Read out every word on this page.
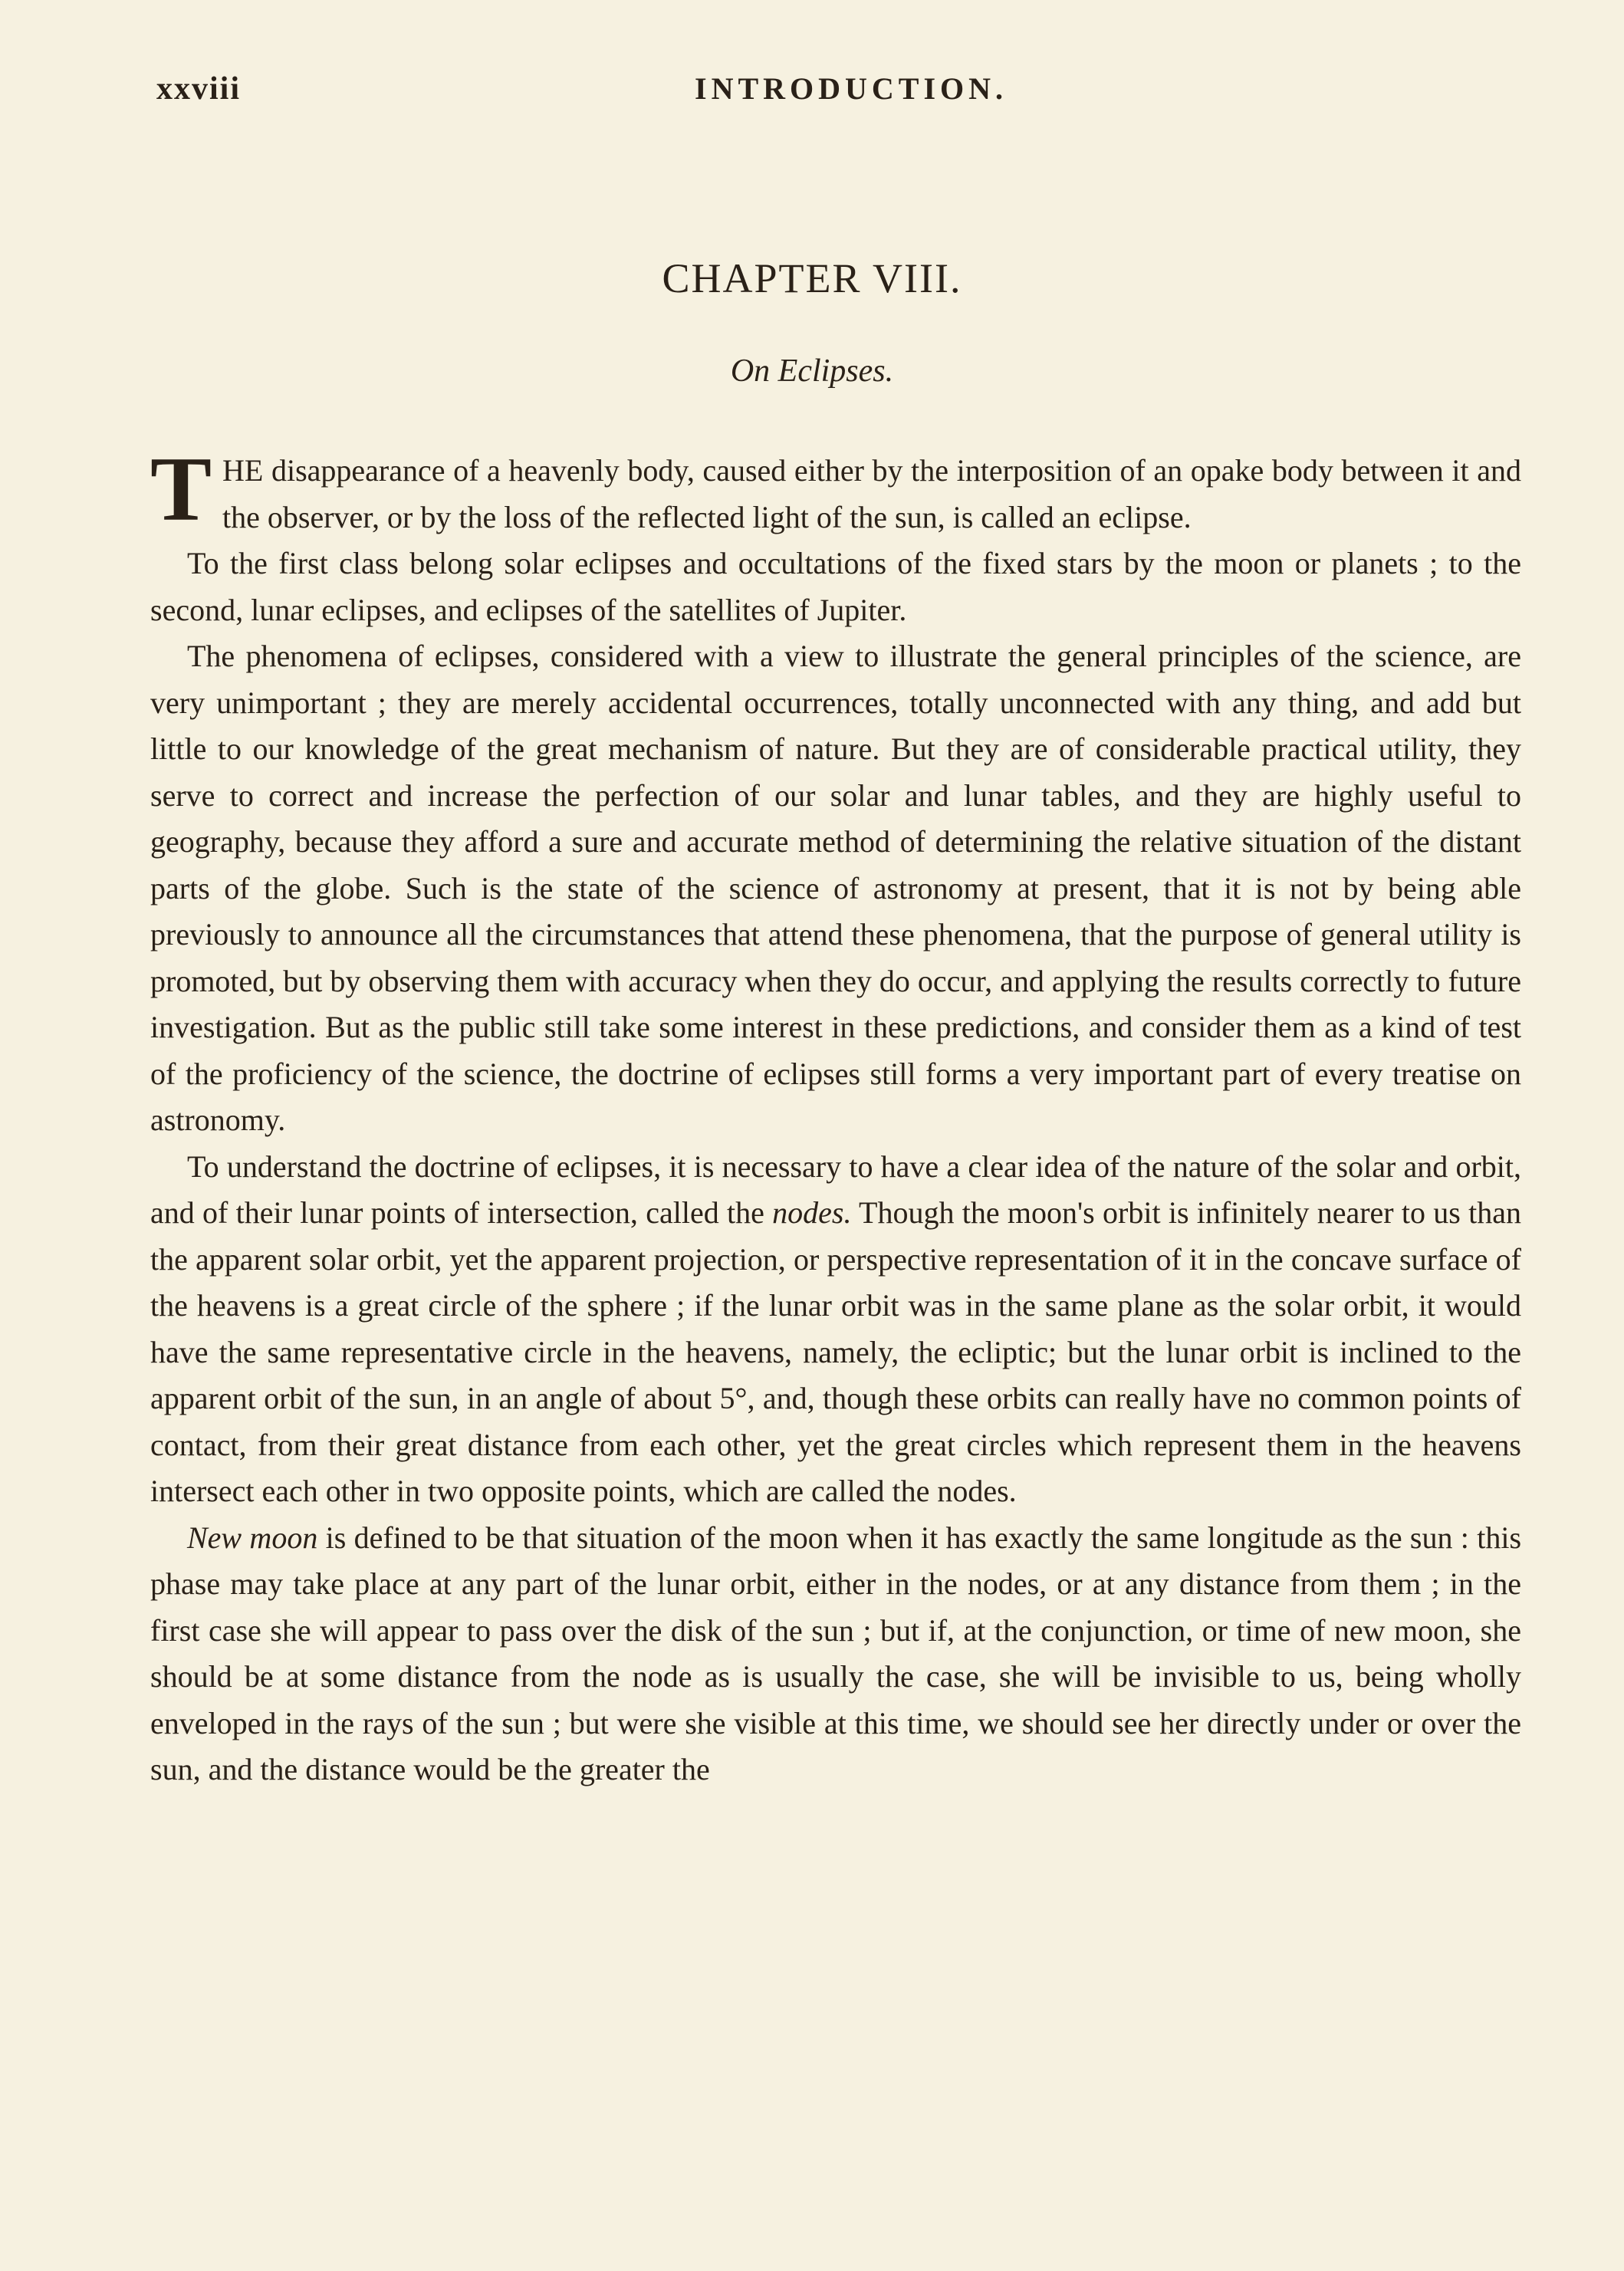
xxviii	INTRODUCTION.
CHAPTER VIII.
On Eclipses.

THE disappearance of a heavenly body, caused either by the interposition of an opake body between it and the observer, or by the loss of the reflected light of the sun, is called an eclipse.

To the first class belong solar eclipses and occultations of the fixed stars by the moon or planets ; to the second, lunar eclipses, and eclipses of the satellites of Jupiter.

The phenomena of eclipses, considered with a view to illustrate the general principles of the science, are very unimportant ; they are merely accidental occurrences, totally unconnected with any thing, and add but little to our knowledge of the great mechanism of nature. But they are of considerable practical utility, they serve to correct and increase the perfection of our solar and lunar tables, and they are highly useful to geography, because they afford a sure and accurate method of determining the relative situation of the distant parts of the globe. Such is the state of the science of astronomy at present, that it is not by being able previously to announce all the circumstances that attend these phenomena, that the purpose of general utility is promoted, but by observing them with accuracy when they do occur, and applying the results correctly to future investigation. But as the public still take some interest in these predictions, and consider them as a kind of test of the proficiency of the science, the doctrine of eclipses still forms a very important part of every treatise on astronomy.

To understand the doctrine of eclipses, it is necessary to have a clear idea of the nature of the solar and orbit, and of their lunar points of intersection, called the nodes. Though the moon's orbit is infinitely nearer to us than the apparent solar orbit, yet the apparent projection, or perspective representation of it in the concave surface of the heavens is a great circle of the sphere ; if the lunar orbit was in the same plane as the solar orbit, it would have the same representative circle in the heavens, namely, the ecliptic; but the lunar orbit is inclined to the apparent orbit of the sun, in an angle of about 5°, and, though these orbits can really have no common points of contact, from their great distance from each other, yet the great circles which represent them in the heavens intersect each other in two opposite points, which are called the nodes.

New moon is defined to be that situation of the moon when it has exactly the same longitude as the sun : this phase may take place at any part of the lunar orbit, either in the nodes, or at any distance from them ; in the first case she will appear to pass over the disk of the sun ; but if, at the conjunction, or time of new moon, she should be at some distance from the node as is usually the case, she will be invisible to us, being wholly enveloped in the rays of the sun ; but were she visible at this time, we should see her directly under or over the sun, and the distance would be the greater the
